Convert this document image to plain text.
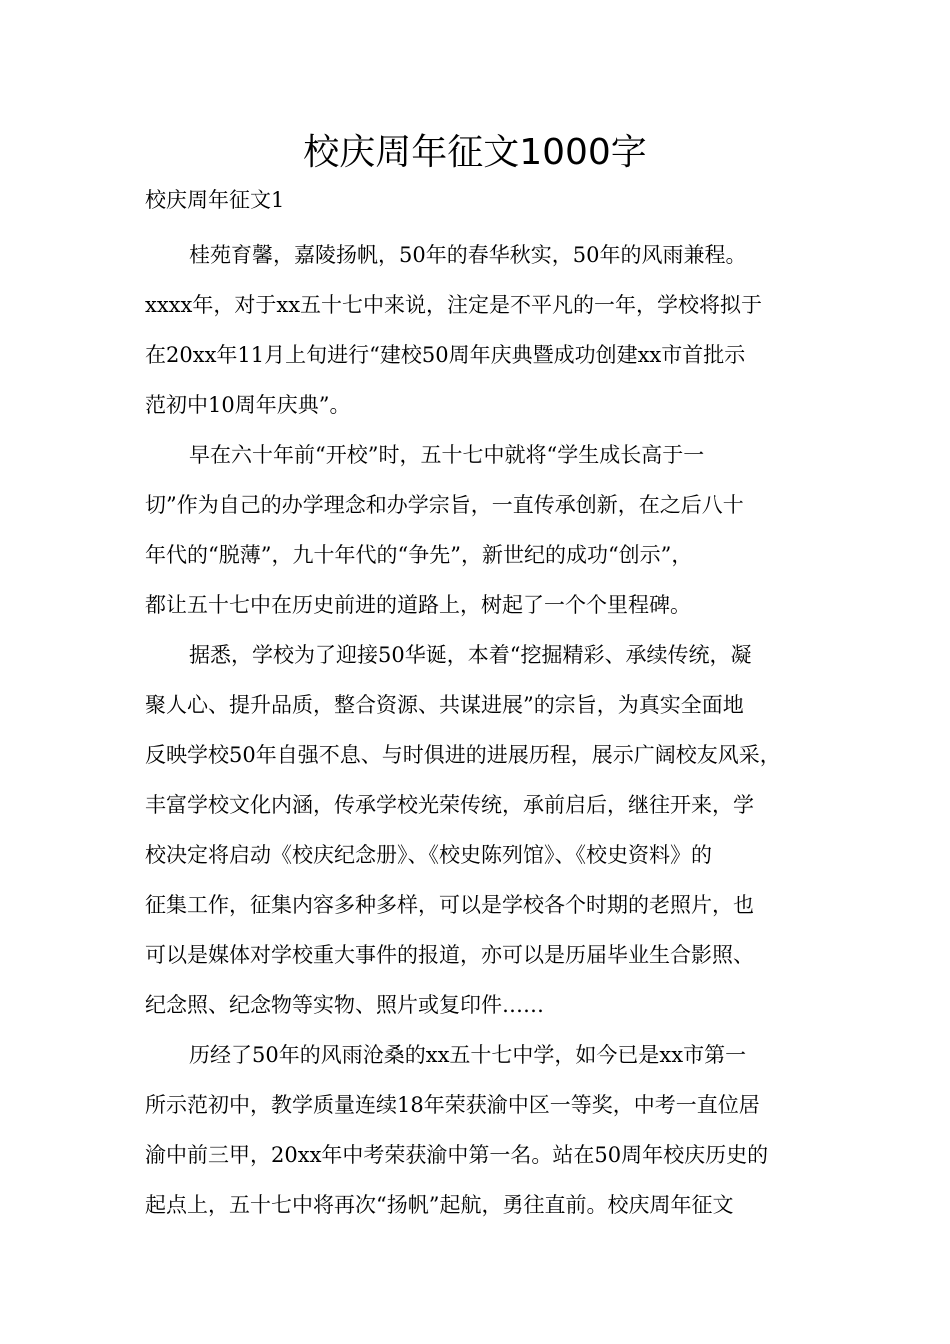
校庆周年征文1000字
校庆周年征文1
桂苑育馨，嘉陵扬帆，50年的春华秋实，50年的风雨兼程。
xxxx年，对于xx五十七中来说，注定是不平凡的一年，学校将拟于
在20xx年11月上旬进行“建校50周年庆典暨成功创建xx市首批示
范初中10周年庆典”。
早在六十年前“开校”时，五十七中就将“学生成长高于一
切”作为自己的办学理念和办学宗旨，一直传承创新，在之后八十
年代的“脱薄”，九十年代的“争先”，新世纪的成功“创示”，
都让五十七中在历史前进的道路上，树起了一个个里程碑。
据悉，学校为了迎接50华诞，本着“挖掘精彩、承续传统，凝
聚人心、提升品质，整合资源、共谋进展”的宗旨，为真实全面地
反映学校50年自强不息、与时俱进的进展历程，展示广阔校友风采，
丰富学校文化内涵，传承学校光荣传统，承前启后，继往开来，学
校决定将启动《校庆纪念册》、《校史陈列馆》、《校史资料》的
征集工作，征集内容多种多样，可以是学校各个时期的老照片，也
可以是媒体对学校重大事件的报道，亦可以是历届毕业生合影照、
纪念照、纪念物等实物、照片或复印件……
历经了50年的风雨沧桑的xx五十七中学，如今已是xx市第一
所示范初中，教学质量连续18年荣获渝中区一等奖，中考一直位居
渝中前三甲，20xx年中考荣获渝中第一名。站在50周年校庆历史的
起点上，五十七中将再次“扬帆”起航，勇往直前。校庆周年征文
